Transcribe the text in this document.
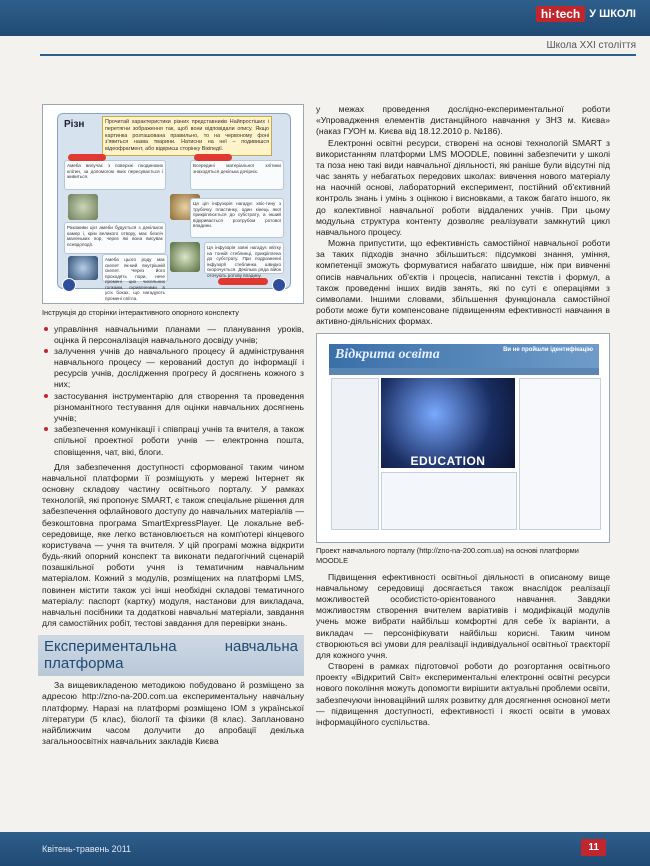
hi·tech У ШКОЛІ
Школа XXI століття
Різн	Прочитай характеристики різних представників Найпростіших і перетягни зображення так, щоб вони відповідали опису. Якщо картинка розташована правильно, то на червоному фоні з'явиться назва тварини. Натисни на неї – подивишся відеофрагмент, або відкриєш сторінку Вікіпедії.
Амеба вилучає з поверхні поодиноких клітин, за допомогою яких пересувається і живиться.
Всередині матеріальної клітини знаходяться декілька дочірніх.
Ракоживи цієї амеби будується з декількох камер і, крім великого отвору, має безліч маленьких пор, через які вона висуває псевдоподії.
Ця ціп інфузорія нагадує хвіс-тину з трубочку пластинку, один кінець якої прикріплюється до субстрату, а інший відкривається розтрубом ротової впадини.
Амеба цього роду має скелет як-кий внутрішній скелет. Через його проходять пори, нече промені цих чисельних голками, скривленими в усіх боках, що нагадують промені світла.
Ця інфузорія зовні нагадує квітку на тонкій стеблинці, прикріплена до субстрату. При подразненні інфузорії стеблинка швидко скорочується. Декілька ряда війок оточують ротову впадину.
Інструкція до сторінки інтерактивного опорного конспекту
управління навчальними планами — планування уроків, оцінка й персоналізація навчального досвіду учнів;
залучення учнів до навчального процесу й адміністрування навчального процесу — керований доступ до інформації і ресурсів учнів, дослідження прогресу й досягнень кожного з них;
застосування інструментарію для створення та проведення різноманітного тестування для оцінки навчальних досягнень учнів;
забезпечення комунікації і співпраці учнів та вчителя, а також спільної проектної роботи учнів — електронна пошта, сповіщення, чат, вікі, блоги.

Для забезпечення доступності сформованої таким чином навчальної платформи її розміщують у мережі Інтернет як основну складову частину освітнього порталу. У рамках технологій, які пропонує SMART, є також спеціальне рішення для забезпечення офлайнового доступу до навчальних матеріалів — безкоштовна програма SmartExpressPlayer. Це локальне веб-середовище, яке легко встановлюється на комп'ютері кінцевого користувача — учня та вчителя. У цій програмі можна відкрити будь-який опорний конспект та виконати педагогічний сценарій позашкільної роботи учня із тематичним навчальним матеріалом. Кожний з модулів, розміщених на платформі LMS, повинен містити також усі інші необхідні складові тематичного матеріалу: паспорт (картку) модуля, настанови для викладача, навчальні посібники та додаткові навчальні матеріали, завдання для самостійних робіт, тестові завдання для перевірки знань.

Експериментальна навчальна платформа

За вищевикладеною методикою побудовано й розміщено за адресою http://zno-na-200.com.ua експериментальну навчальну платформу. Наразі на платформі розміщено ІОМ з української літератури (5 клас), біології та фізики (8 клас). Заплановано найближчим часом долучити до апробації декілька загальноосвітніх навчальних закладів Києва

у межах проведення дослідно-експериментальної роботи «Упровадження елементів дистанційного навчання у ЗНЗ м. Києва» (наказ ГУОН м. Києва від 18.12.2010 р. №186).

Електронні освітні ресурси, створені на основі технологій SMART з використанням платформи LMS MOODLE, повинні забезпечити у школі та поза нею такі види навчальної діяльності, які раніше були відсутні під час занять у небагатьох передових школах: вивчення нового матеріалу на наочній основі, лабораторний експеримент, постійний об'єктивний контроль знань і умінь з оцінкою і висновками, а також багато іншого, як до колективної навчальної роботи віддалених учнів. При цьому модульна структура контенту дозволяє реалізувати замкнутий цикл навчального процесу.

Можна припустити, що ефективність самостійної навчальної роботи за таких підходів значно збільшиться: підсумкові знання, уміння, компетенції зможуть формуватися набагато швидше, ніж при вивченні описів навчальних об'єктів і процесів, написанні текстів і формул, а також проведенні інших видів занять, які по суті є операціями з символами. Іншими словами, збільшення функціонала самостійної роботи може бути компенсоване підвищенням ефективності навчання в активно-діяльнісних формах.

Відкрита освіта	Ви не пройшли ідентифікацію
EDUCATION
Проект навчального порталу (http://zno-na-200.com.ua) на основі платформи MOODLE

Підвищення ефективності освітньої діяльності в описаному вище навчальному середовищі досягається також внаслідок реалізації можливостей особистісто-орієнтованого навчання. Завдяки можливостям створення вчителем варіативів і модифікацій модулів учень може вибрати найбільш комфортні для себе їх варіанти, а викладач — персоніфікувати найбільш корисні. Таким чином створюються всі умови для реалізації індивідуальної освітньої траєкторії для кожного учня.

Створені в рамках підготовчої роботи до розгортання освітнього проекту «Відкритий Світ» експериментальні електронні освітні ресурси нового покоління можуть допомогти вирішити актуальні проблеми освіти, забезпечуючи інноваційний шлях розвитку для досягнення основної мети — підвищення доступності, ефективності і якості освіти в умовах інформаційного суспільства.

Квітень-травень 2011	11
